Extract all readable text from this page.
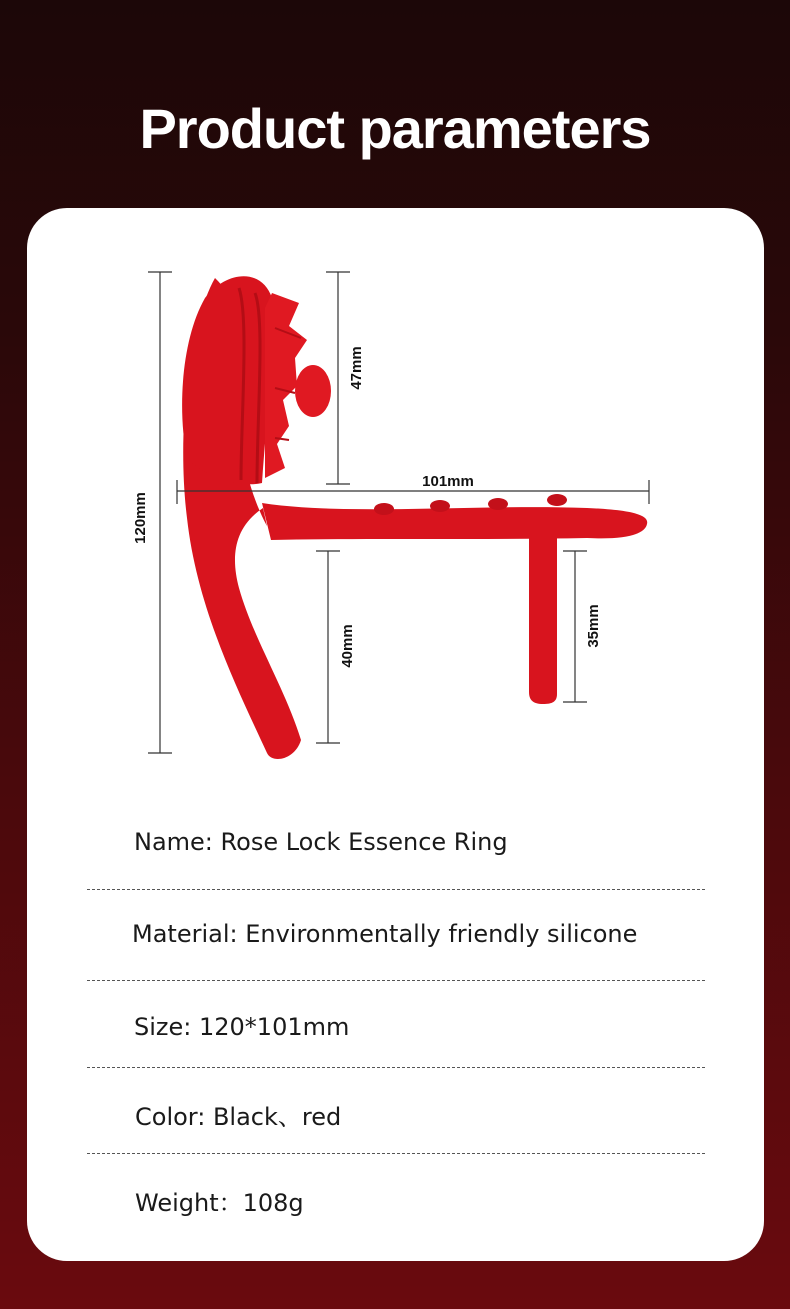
Product parameters
120mm
47mm
101mm
40mm	35mm
Name: Rose Lock Essence Ring
Material: Environmentally friendly silicone
Size: 120*101mm
Color: Black、red
Weight：108g
